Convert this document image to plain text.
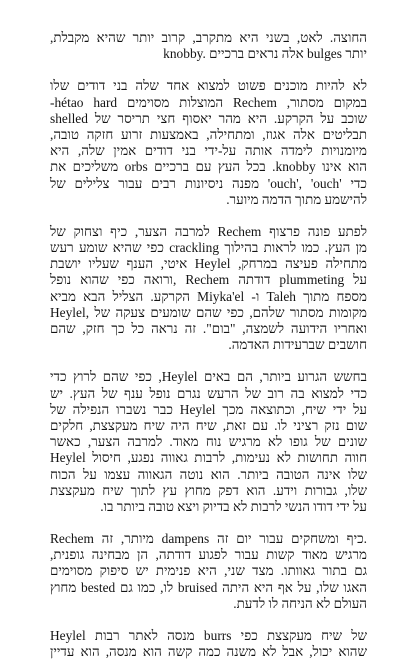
החוצה. לאט, בשני היא מתקרב, קרוב יותר שהיא מקבלת,
knobby. אלה נראים ברכיים bulges יותר
לא להיות מוכנים פשוט למצוא אחד שלה בני דודים שלו
במקום מסתור, Rechem המוצלות מסוימים hétao hard-
shelled שוכב על הקרקע. היא מהר יאסוף חצי תריסר של
תבליטים אלה אגוז, ומתחילה, באמצעות זרוע חזקה טובה,
מיומנויות לימדה אותה על-ידי בני דודים אמין שלה, היא
הוא אינו knobby. בכל העץ עם ברכיים orbs משליכים את
כדי 'ouch', 'ouch' מפנה ניסיונות רבים עבור צלילים של
להישמע מתוך הדמה מיוער.
לפתע פונה פרצוף Rechem למרבה הצער, כיף וצחוק של
מן העץ. כמו לראות בהילוך crackling כפי שהיא שומע רעש
מתחילה פעיצה במרחק, Heylel איטי, הענף שעליו יושבת
על plummeting דודתה Rechem ,ורואה כפי שהוא נופל
מספח מתוך Taleh ו- Miyka'el הקרקע. הצליל הבא מביא
Heylel, מקומות מסתור שלהם, כפי שהם שומעים צעקה של
ואחריו הידועה לשמצה, "בום". זה נראה כל כך חזק, שהם
חושבים שברעידות האדמה.
בחשש הגרוע ביותר, הם באים Heylel, כפי שהם לרוץ כדי
כדי למצוא בה רוב של הרעש נגרם נופל ענף של העץ. יש
על ידי שיח, וכתוצאה מכך Heylel כבר נשברו הנפילה של
שום נזק רציני לו. עם זאת, שיח היה שיח מעקצצת, חלקים
שונים של גופו לא מרגיש נוח מאוד. למרבה הצער, כאשר
חווה תחושות לא נעימות, לרבות גאווה נפגע, חיסול Heylel
שלו אינה הטובה ביותר. הוא נוטה הגאווה עצמו על הכוח
שלו, גבורות וידע. הוא דפק מחוץ עץ לתוך שיח מעקצצת
על ידי דודו הנשי לרבות לא בדיוק ויצא טובה ביותר בו.
Rechem מיותר, זה dampens כיף ומשחקים עבור יום זה.
מרגיש מאוד קשות עבור לפגוע דודתה, הן מבחינה גופנית,
גם בתור גאוותו. מצד שני, היא פנימית יש סיפוק מסוימים
האגו שלו, על אף היא היתה bruised לו, כמו גם bested מחוץ
העולם לא הניחה לו לדעת.
של שיח מעקצצת כפי burrs מנסה לאתר רבות Heylel
שהוא יכול, אבל לא משנה כמה קשה הוא מנסה, הוא עדיין
